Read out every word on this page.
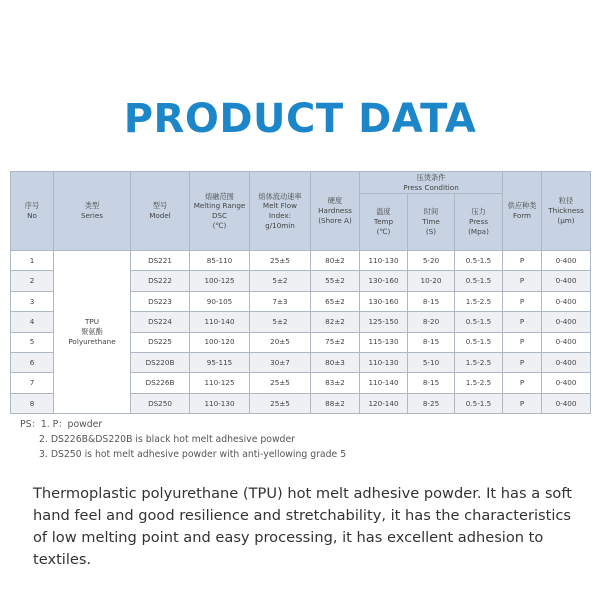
PRODUCT DATA
序号
No	类型
Series	型号
Model	熔融范围
Melting Range
DSC
(℃)	熔体流动速率
Melt Flow
Index:
g/10min	硬度
Hardness
(Shore A)	压烫条件
Press Condition			供应种类
Form	粒径
Thickness
(μm)

						温度
Temp
(℃)	时间
Time
(S)	压力
Press
(Mpa)		

1	TPU
聚氨酯
Polyurethane	DS221	85-110	25±5	80±2	110-130	5-20	0.5-1.5	P	0-400
2		DS222	100-125	5±2	55±2	130-160	10-20	0.5-1.5	P	0-400
3		DS223	90-105	7±3	65±2	130-160	8-15	1.5-2.5	P	0-400
4		DS224	110-140	5±2	82±2	125-150	8-20	0.5-1.5	P	0-400
5		DS225	100-120	20±5	75±2	115-130	8-15	0.5-1.5	P	0-400
6		DS220B	95-115	30±7	80±3	110-130	5-10	1.5-2.5	P	0-400
7		DS226B	110-125	25±5	83±2	110-140	8-15	1.5-2.5	P	0-400
8		DS250	110-130	25±5	88±2	120-140	8-25	0.5-1.5	P	0-400
PS： 1. P：powder
2. DS226B&DS220B is black hot melt adhesive powder
3. DS250 is hot melt adhesive powder with anti-yellowing grade 5
Thermoplastic polyurethane (TPU) hot melt adhesive powder. It has a soft hand feel and good resilience and stretchability, it has the characteristics of low melting point and easy processing, it has excellent adhesion to textiles.
